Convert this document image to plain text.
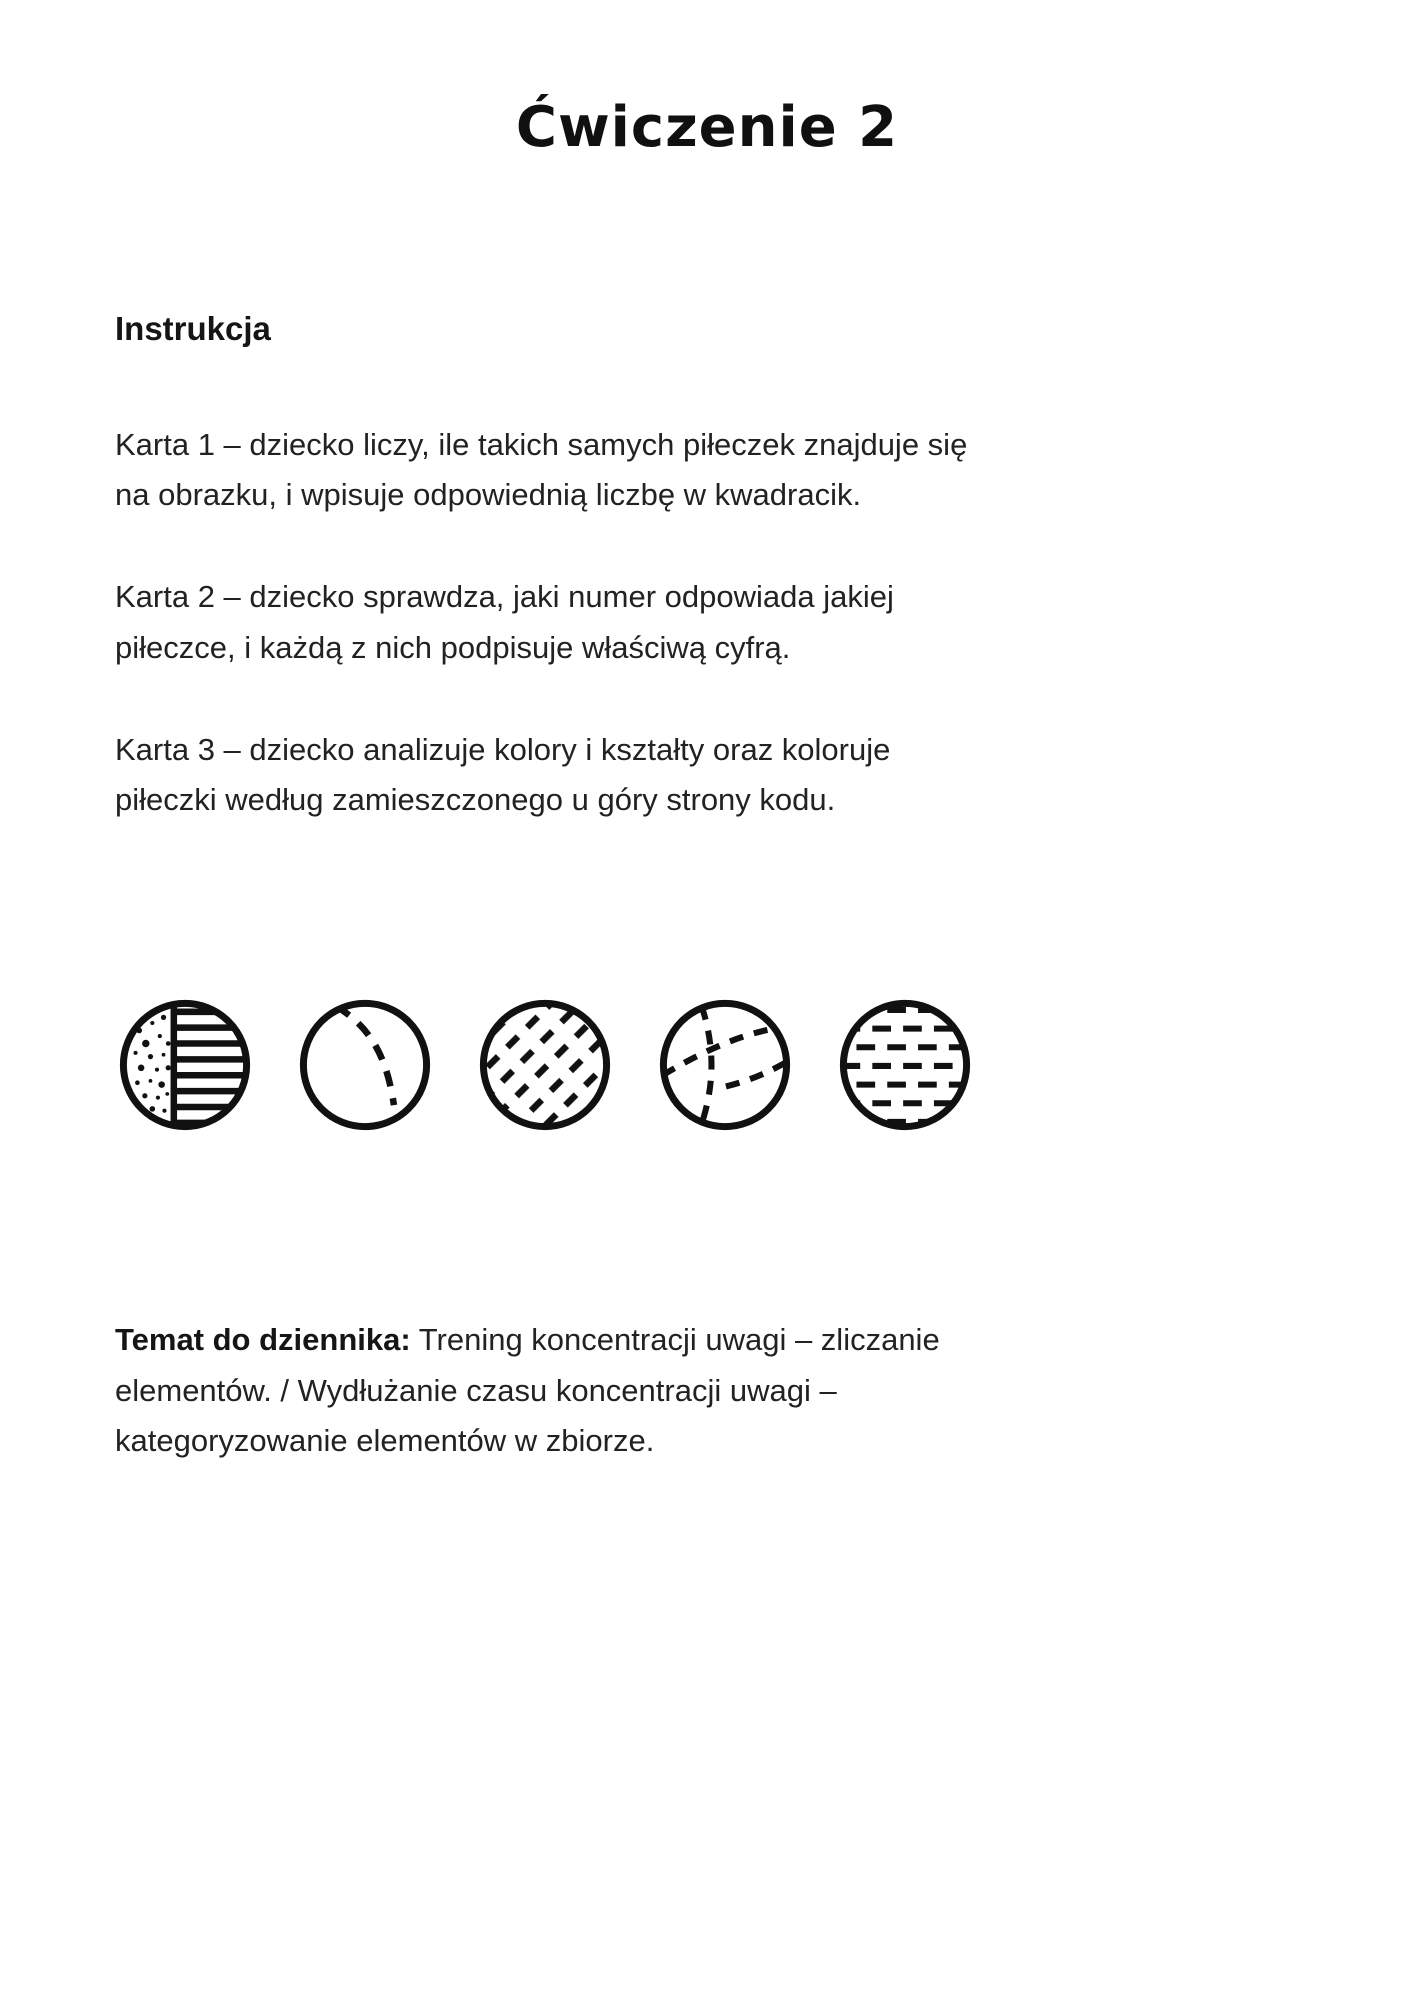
Ćwiczenie 2
Instrukcja

Karta 1 – dziecko liczy, ile takich samych piłeczek znajduje się na obrazku, i wpisuje odpowiednią liczbę w kwadracik.

Karta 2 – dziecko sprawdza, jaki numer odpowiada jakiej piłeczce, i każdą z nich podpisuje właściwą cyfrą.

Karta 3 – dziecko analizuje kolory i kształty oraz koloruje piłeczki według zamieszczonego u góry strony kodu.

Temat do dziennika: Trening koncentracji uwagi – zliczanie elementów. / Wydłużanie czasu koncentracji uwagi – kategoryzowanie elementów w zbiorze.
